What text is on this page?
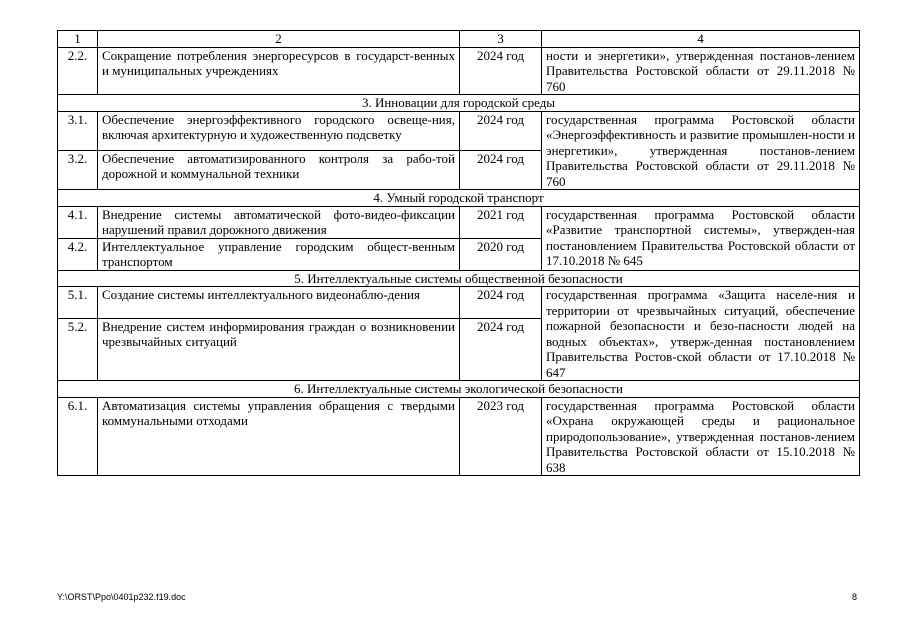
1	2	3	4
2.2.	Сокращение потребления энергоресурсов в государст-венных и муниципальных учреждениях	2024 год	ности и энергетики», утвержденная постанов-лением Правительства Ростовской области от 29.11.2018 № 760
3. Инновации для городской среды			
3.1.	Обеспечение энергоэффективного городского освеще-ния, включая архитектурную и художественную подсветку	2024 год	государственная программа Ростовской области «Энергоэффективность и развитие промышлен-ности и энергетики», утвержденная постанов-лением Правительства Ростовской области от 29.11.2018 № 760
3.2.	Обеспечение автоматизированного контроля за рабо-той дорожной и коммунальной техники	2024 год	
4. Умный городской транспорт			
4.1.	Внедрение системы автоматической фото-видео-фиксации нарушений правил дорожного движения	2021 год	государственная программа Ростовской области «Развитие транспортной системы», утвержден-ная постановлением Правительства Ростовской области от 17.10.2018 № 645
4.2.	Интеллектуальное управление городским общест-венным транспортом	2020 год	
5. Интеллектуальные системы общественной безопасности			
5.1.	Создание системы интеллектуального видеонаблю-дения	2024 год	государственная программа «Защита населе-ния и территории от чрезвычайных ситуаций, обеспечение пожарной безопасности и безо-пасности людей на водных объектах», утверж-денная постановлением Правительства Ростов-ской области от 17.10.2018 № 647
5.2.	Внедрение систем информирования граждан о возникновении чрезвычайных ситуаций	2024 год	
6. Интеллектуальные системы экологической безопасности			
6.1.	Автоматизация системы управления обращения с твердыми коммунальными отходами	2023 год	государственная программа Ростовской области «Охрана окружающей среды и рациональное природопользование», утвержденная постанов-лением Правительства Ростовской области от 15.10.2018 № 638
Y:\ORST\Ppo\0401p232.f19.doc	8
